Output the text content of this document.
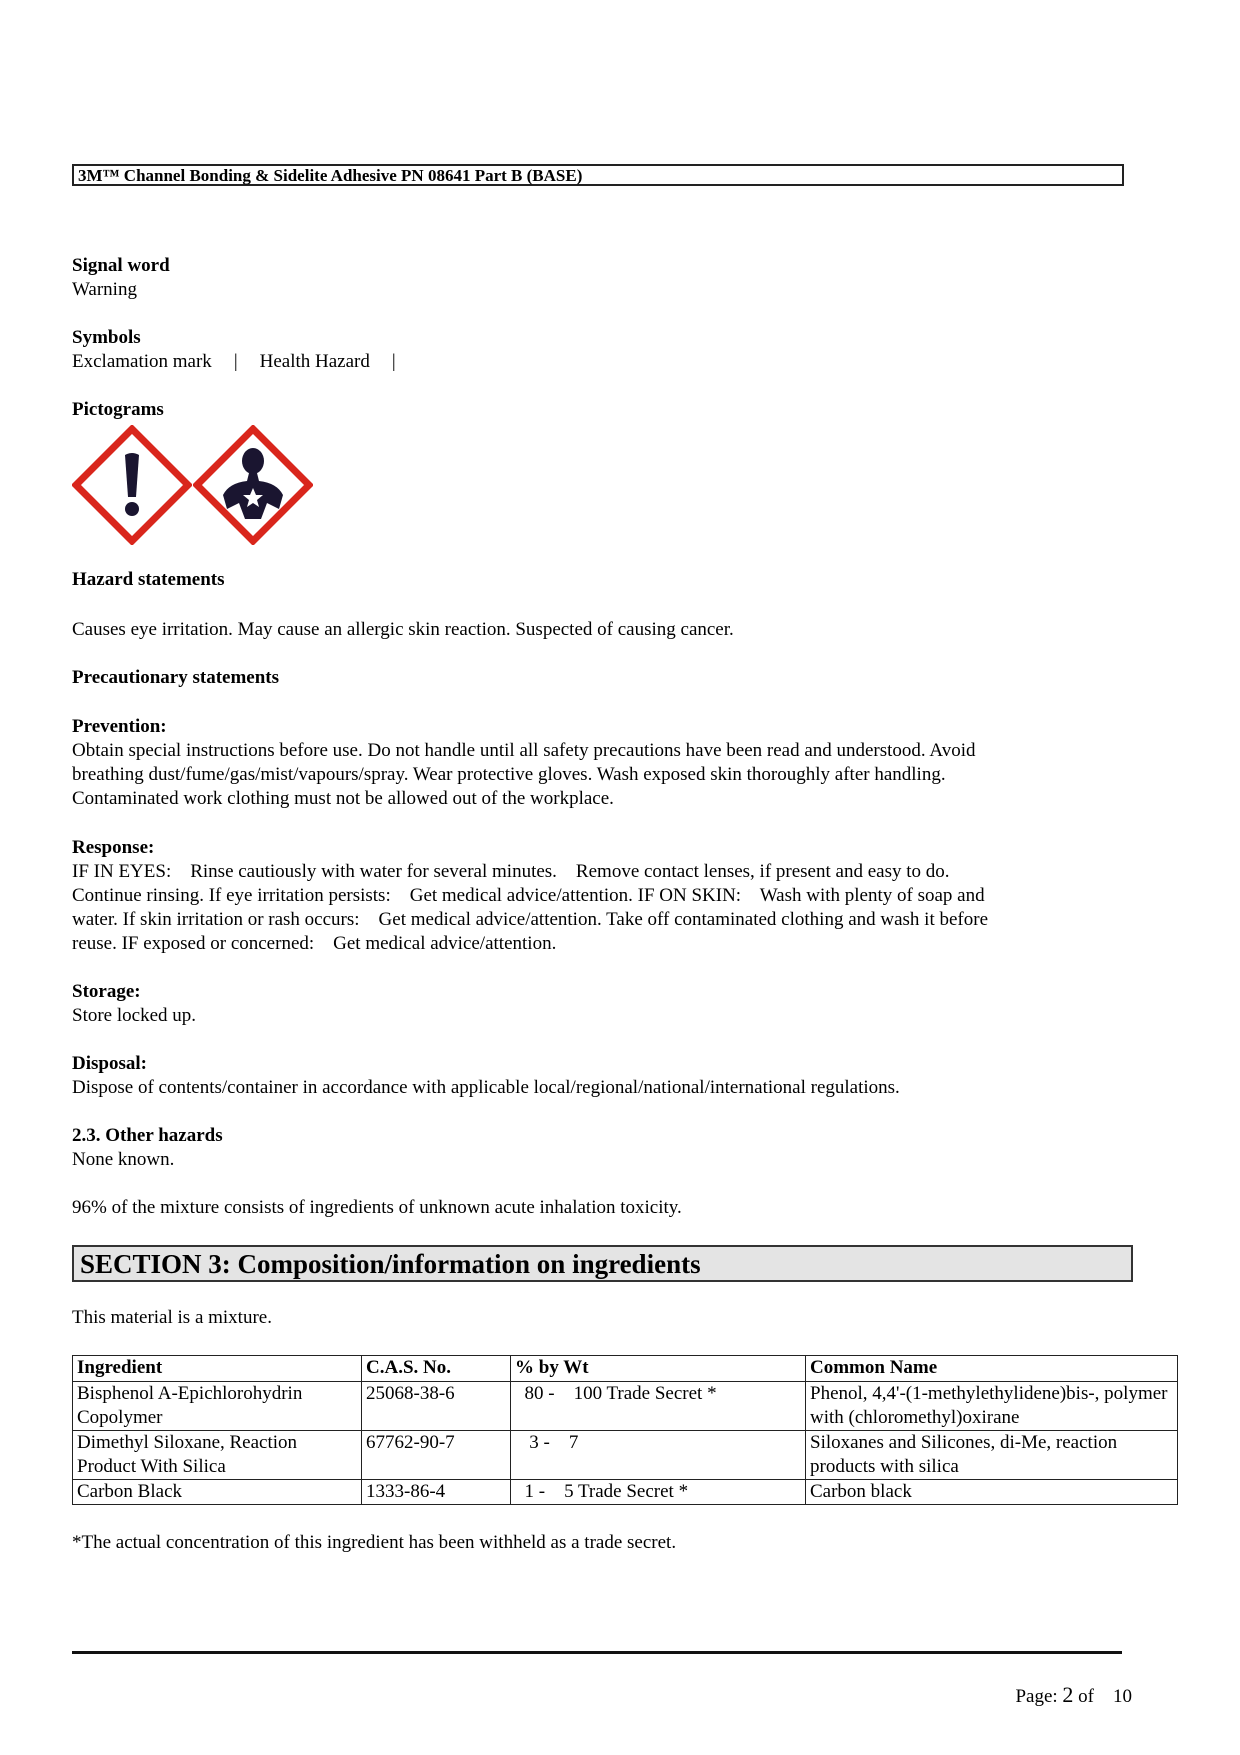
3M™ Channel Bonding & Sidelite Adhesive PN 08641 Part B (BASE)
Signal word
Warning
Symbols
Exclamation mark | Health Hazard |
Pictograms
Hazard statements
Causes eye irritation. May cause an allergic skin reaction. Suspected of causing cancer.
Precautionary statements
Prevention:
Obtain special instructions before use. Do not handle until all safety precautions have been read and understood. Avoid
breathing dust/fume/gas/mist/vapours/spray. Wear protective gloves. Wash exposed skin thoroughly after handling.
Contaminated work clothing must not be allowed out of the workplace.
Response:
IF IN EYES:    Rinse cautiously with water for several minutes.    Remove contact lenses, if present and easy to do.
Continue rinsing. If eye irritation persists:    Get medical advice/attention. IF ON SKIN:    Wash with plenty of soap and
water. If skin irritation or rash occurs:    Get medical advice/attention. Take off contaminated clothing and wash it before
reuse. IF exposed or concerned:    Get medical advice/attention.
Storage:
Store locked up.
Disposal:
Dispose of contents/container in accordance with applicable local/regional/national/international regulations.
2.3. Other hazards
None known.
96% of the mixture consists of ingredients of unknown acute inhalation toxicity.
SECTION 3: Composition/information on ingredients
This material is a mixture.
Ingredient	C.A.S. No.	% by Wt	Common Name
Bisphenol A-Epichlorohydrin Copolymer	25068-38-6	80 -    100 Trade Secret *	Phenol, 4,4'-(1-methylethylidene)bis-, polymer with (chloromethyl)oxirane
Dimethyl Siloxane, Reaction Product With Silica	67762-90-7	3 -    7	Siloxanes and Silicones, di-Me, reaction products with silica
Carbon Black	1333-86-4	1 -    5 Trade Secret *	Carbon black
*The actual concentration of this ingredient has been withheld as a trade secret.
Page: 2 of    10
